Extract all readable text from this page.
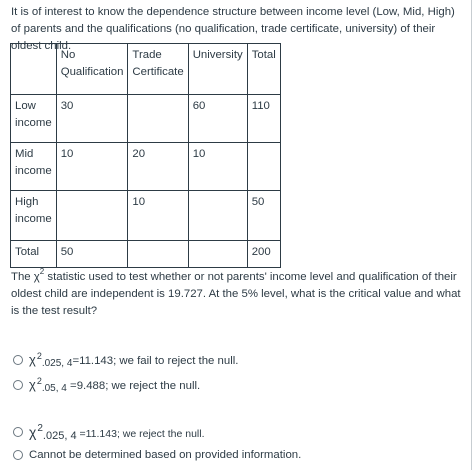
It is of interest to know the dependence structure between income level (Low, Mid, High) of parents and the qualifications (no qualification, trade certificate, university) of their oldest child.

	No Qualification	Trade Certificate	University	Total
Low income	30		60	110
Mid income	10	20	10	
High income		10		50
Total	50			200

The $\chi^2$ statistic used to test whether or not parents' income level and qualification of their oldest child are independent is 19.727. At the 5% level, what is the critical value and what is the test result?

$\chi^2.025$, 4=11.143; we fail to reject the null.
$\chi^2.05$, 4 =9.488; we reject the null.
χ2.025, 4 =11.143; we reject the null.
Cannot be determined based on provided information.
